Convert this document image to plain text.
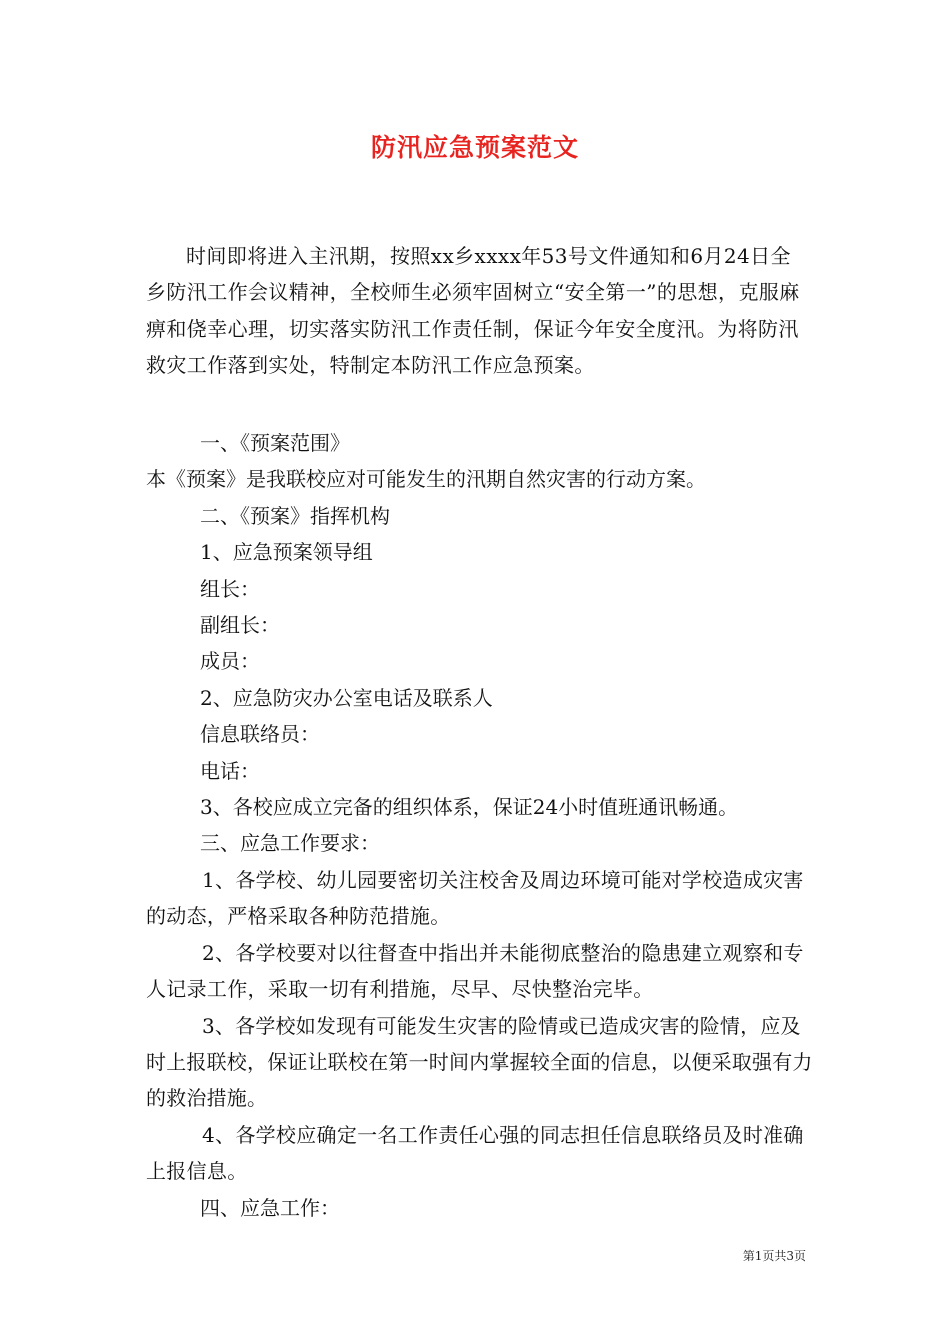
防汛应急预案范文

时间即将进入主汛期，按照xx乡xxxx年53号文件通知和6月24日全乡防汛工作会议精神，全校师生必须牢固树立“安全第一”的思想，克服麻痹和侥幸心理，切实落实防汛工作责任制，保证今年安全度汛。为将防汛救灾工作落到实处，特制定本防汛工作应急预案。

一、《预案范围》

本《预案》是我联校应对可能发生的汛期自然灾害的行动方案。

二、《预案》指挥机构

1、应急预案领导组

组长：

副组长：

成员：

2、应急防灾办公室电话及联系人

信息联络员：

电话：

3、各校应成立完备的组织体系，保证24小时值班通讯畅通。

三、应急工作要求：

1、各学校、幼儿园要密切关注校舍及周边环境可能对学校造成灾害的动态，严格采取各种防范措施。

2、各学校要对以往督查中指出并未能彻底整治的隐患建立观察和专人记录工作，采取一切有利措施，尽早、尽快整治完毕。

3、各学校如发现有可能发生灾害的险情或已造成灾害的险情，应及时上报联校，保证让联校在第一时间内掌握较全面的信息，以便采取强有力的救治措施。

4、各学校应确定一名工作责任心强的同志担任信息联络员及时准确上报信息。

四、应急工作：

第1页共3页
